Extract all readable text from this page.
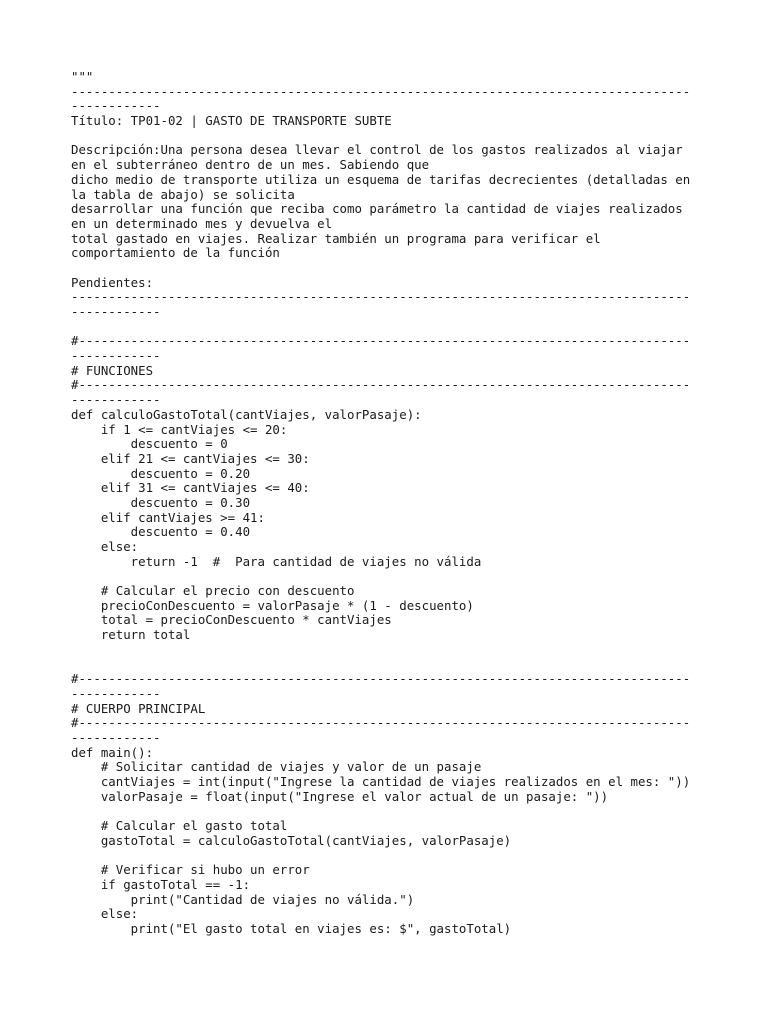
"""
-----------------------------------------------------------------------------------
------------
Título: TP01-02 | GASTO DE TRANSPORTE SUBTE
Descripción:Una persona desea llevar el control de los gastos realizados al viajar
en el subterráneo dentro de un mes. Sabiendo que
dicho medio de transporte utiliza un esquema de tarifas decrecientes (detalladas en
la tabla de abajo) se solicita
desarrollar una función que reciba como parámetro la cantidad de viajes realizados
en un determinado mes y devuelva el
total gastado en viajes. Realizar también un programa para verificar el
comportamiento de la función
Pendientes:
-----------------------------------------------------------------------------------
------------
#----------------------------------------------------------------------------------
------------
# FUNCIONES
#----------------------------------------------------------------------------------
------------
def calculoGastoTotal(cantViajes, valorPasaje):
if 1 <= cantViajes <= 20:
descuento = 0
elif 21 <= cantViajes <= 30:
descuento = 0.20
elif 31 <= cantViajes <= 40:
descuento = 0.30
elif cantViajes >= 41:
descuento = 0.40
else:
return -1  #  Para cantidad de viajes no válida
# Calcular el precio con descuento
precioConDescuento = valorPasaje * (1 - descuento)
total = precioConDescuento * cantViajes
return total
#----------------------------------------------------------------------------------
------------
# CUERPO PRINCIPAL
#----------------------------------------------------------------------------------
------------
def main():
# Solicitar cantidad de viajes y valor de un pasaje
cantViajes = int(input("Ingrese la cantidad de viajes realizados en el mes: "))
valorPasaje = float(input("Ingrese el valor actual de un pasaje: "))
# Calcular el gasto total
gastoTotal = calculoGastoTotal(cantViajes, valorPasaje)
# Verificar si hubo un error
if gastoTotal == -1:
print("Cantidad de viajes no válida.")
else:
print("El gasto total en viajes es: $", gastoTotal)
